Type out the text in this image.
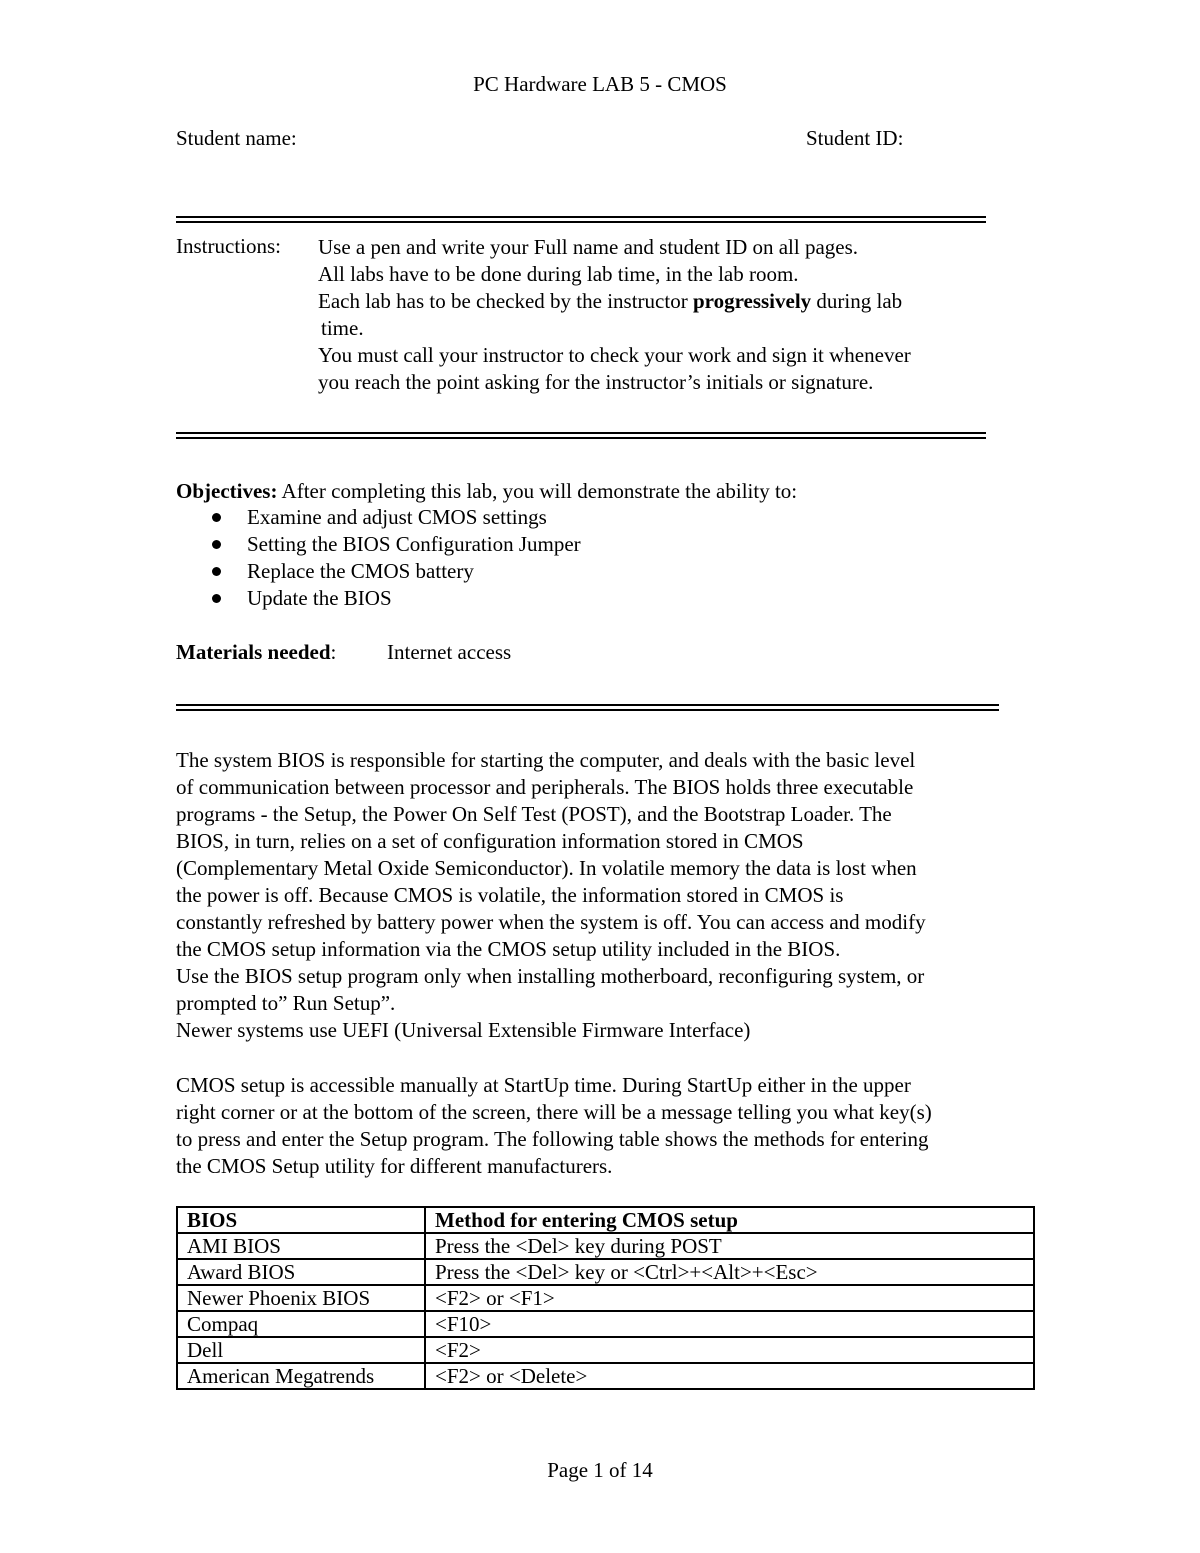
PC Hardware LAB 5 - CMOS
Student name:	Student ID:
Instructions: Use a pen and write your Full name and student ID on all pages.
All labs have to be done during lab time, in the lab room.
Each lab has to be checked by the instructor progressively during lab
time.
You must call your instructor to check your work and sign it whenever
you reach the point asking for the instructor’s initials or signature.
Objectives: After completing this lab, you will demonstrate the ability to:
Examine and adjust CMOS settings
Setting the BIOS Configuration Jumper
Replace the CMOS battery
Update the BIOS
Materials needed: Internet access
The system BIOS is responsible for starting the computer, and deals with the basic level
of communication between processor and peripherals. The BIOS holds three executable
programs - the Setup, the Power On Self Test (POST), and the Bootstrap Loader. The
BIOS, in turn, relies on a set of configuration information stored in CMOS
(Complementary Metal Oxide Semiconductor). In volatile memory the data is lost when
the power is off. Because CMOS is volatile, the information stored in CMOS is
constantly refreshed by battery power when the system is off. You can access and modify
the CMOS setup information via the CMOS setup utility included in the BIOS.
Use the BIOS setup program only when installing motherboard, reconfiguring system, or
prompted to” Run Setup”.
Newer systems use UEFI (Universal Extensible Firmware Interface)
CMOS setup is accessible manually at StartUp time. During StartUp either in the upper
right corner or at the bottom of the screen, there will be a message telling you what key(s)
to press and enter the Setup program. The following table shows the methods for entering
the CMOS Setup utility for different manufacturers.
BIOS	Method for entering CMOS setup
AMI BIOS	Press the <Del> key during POST
Award BIOS	Press the <Del> key or <Ctrl>+<Alt>+<Esc>
Newer Phoenix BIOS	<F2> or <F1>
Compaq	<F10>
Dell	<F2>
American Megatrends	<F2> or <Delete>
Page 1 of 14
